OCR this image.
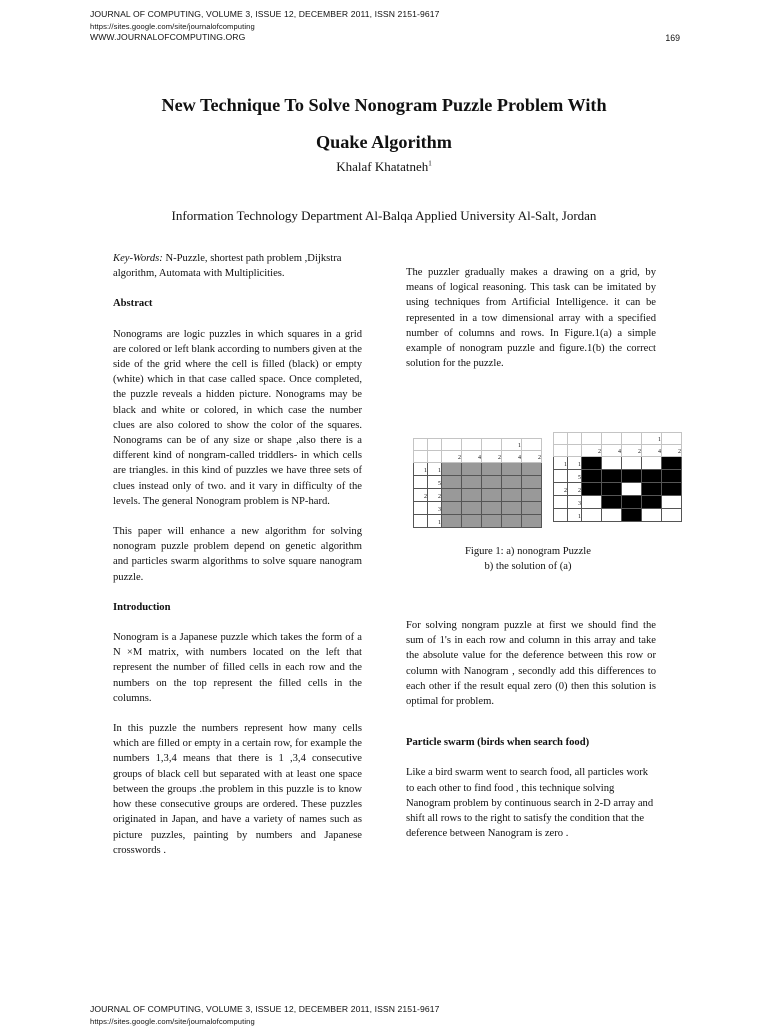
JOURNAL OF COMPUTING, VOLUME 3, ISSUE 12, DECEMBER 2011, ISSN 2151-9617
https://sites.google.com/site/journalofcomputing
WWW.JOURNALOFCOMPUTING.ORG	169
New Technique To Solve Nonogram Puzzle Problem With
Quake Algorithm
Khalaf Khatatneh$^1$
Information Technology Department Al-Balqa Applied University Al-Salt, Jordan

Key-Words: N-Puzzle, shortest path problem ,Dijkstra algorithm, Automata with Multiplicities.

Abstract

Nonograms are logic puzzles in which squares in a grid are colored or left blank according to numbers given at the side of the grid where the cell is filled (black) or empty (white) which in that case called space. Once completed, the puzzle reveals a hidden picture. Nonograms may be black and white or colored, in which case the number clues are also colored to show the color of the squares. Nonograms can be of any size or shape ,also there is a different kind of nongram-called triddlers- in which cells are triangles. in this kind of puzzles we have three sets of clues instead only of two. and it vary in difficulty of the levels. The general Nonogram problem is NP-hard.

This paper will enhance a new algorithm for solving nonogram puzzle problem depend on genetic algorithm and particles swarm algorithms to solve square nanogram puzzle.

Introduction

Nonogram is a Japanese puzzle which takes the form of a N ×M matrix, with numbers located on the left that represent the number of filled cells in each row and the numbers on the top represent the filled cells in the columns.

In this puzzle the numbers represent how many cells which are filled or empty in a certain row, for example the numbers 1,3,4 means that there is 1 ,3,4 consecutive groups of black cell but separated with at least one space between the groups .the problem in this puzzle is to know how these consecutive groups are ordered. These puzzles originated in Japan, and have a variety of names such as picture puzzles, painting by numbers and Japanese crosswords .

The puzzler gradually makes a drawing on a grid, by means of logical reasoning. This task can be imitated by using techniques from Artificial Intelligence. it can be represented in a tow dimensional array with a specified number of columns and rows. In Figure.1(a) a simple example of nonogram puzzle and figure.1(b) the correct solution for the puzzle.
					1	
		2	4	2	4	2
1	1					
	5					
2	2					
	3					
	1					
					1	
		2	4	2	4	2
1	1					
	5					
2	2					
	3					
	1					
Figure 1: a) nonogram Puzzle
b) the solution of (a)

For solving nongram puzzle at first we should find the sum of 1's in each row and column in this array and take the absolute value for the deference between this row or column with Nanogram , secondly add this differences to each other if the result equal zero (0) then this solution is optimal for problem.

Particle swarm (birds when search food)

Like a bird swarm went to search food, all particles work to each other to find food , this technique solving Nanogram problem by continuous search in 2-D array and shift all rows to the right to satisfy the condition that the deference between Nanogram is zero .

JOURNAL OF COMPUTING, VOLUME 3, ISSUE 12, DECEMBER 2011, ISSN 2151-9617
https://sites.google.com/site/journalofcomputing
